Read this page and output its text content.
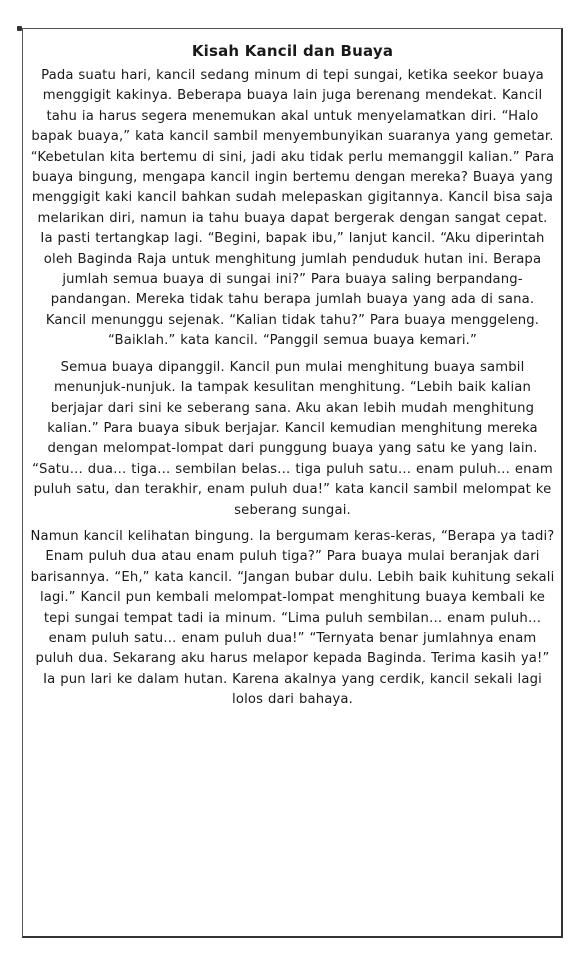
Kisah Kancil dan Buaya

Pada suatu hari, kancil sedang minum di tepi sungai, ketika seekor buaya menggigit kakinya. Beberapa buaya lain juga berenang mendekat. Kancil tahu ia harus segera menemukan akal untuk menyelamatkan diri. “Halo bapak buaya,” kata kancil sambil menyembunyikan suaranya yang gemetar. “Kebetulan kita bertemu di sini, jadi aku tidak perlu memanggil kalian.” Para buaya bingung, mengapa kancil ingin bertemu dengan mereka? Buaya yang menggigit kaki kancil bahkan sudah melepaskan gigitannya. Kancil bisa saja melarikan diri, namun ia tahu buaya dapat bergerak dengan sangat cepat. Ia pasti tertangkap lagi. “Begini, bapak ibu,” lanjut kancil. “Aku diperintah oleh Baginda Raja untuk menghitung jumlah penduduk hutan ini. Berapa jumlah semua buaya di sungai ini?” Para buaya saling berpandang-pandangan. Mereka tidak tahu berapa jumlah buaya yang ada di sana. Kancil menunggu sejenak. “Kalian tidak tahu?” Para buaya menggeleng. “Baiklah.” kata kancil. “Panggil semua buaya kemari.”

Semua buaya dipanggil. Kancil pun mulai menghitung buaya sambil menunjuk-nunjuk. Ia tampak kesulitan menghitung. “Lebih baik kalian berjajar dari sini ke seberang sana. Aku akan lebih mudah menghitung kalian.” Para buaya sibuk berjajar. Kancil kemudian menghitung mereka dengan melompat-lompat dari punggung buaya yang satu ke yang lain. “Satu… dua… tiga… sembilan belas… tiga puluh satu… enam puluh… enam puluh satu, dan terakhir, enam puluh dua!” kata kancil sambil melompat ke seberang sungai.

Namun kancil kelihatan bingung. Ia bergumam keras-keras, “Berapa ya tadi? Enam puluh dua atau enam puluh tiga?” Para buaya mulai beranjak dari barisannya. “Eh,” kata kancil. “Jangan bubar dulu. Lebih baik kuhitung sekali lagi.” Kancil pun kembali melompat-lompat menghitung buaya kembali ke tepi sungai tempat tadi ia minum. “Lima puluh sembilan… enam puluh… enam puluh satu… enam puluh dua!” “Ternyata benar jumlahnya enam puluh dua. Sekarang aku harus melapor kepada Baginda. Terima kasih ya!” Ia pun lari ke dalam hutan. Karena akalnya yang cerdik, kancil sekali lagi lolos dari bahaya.
